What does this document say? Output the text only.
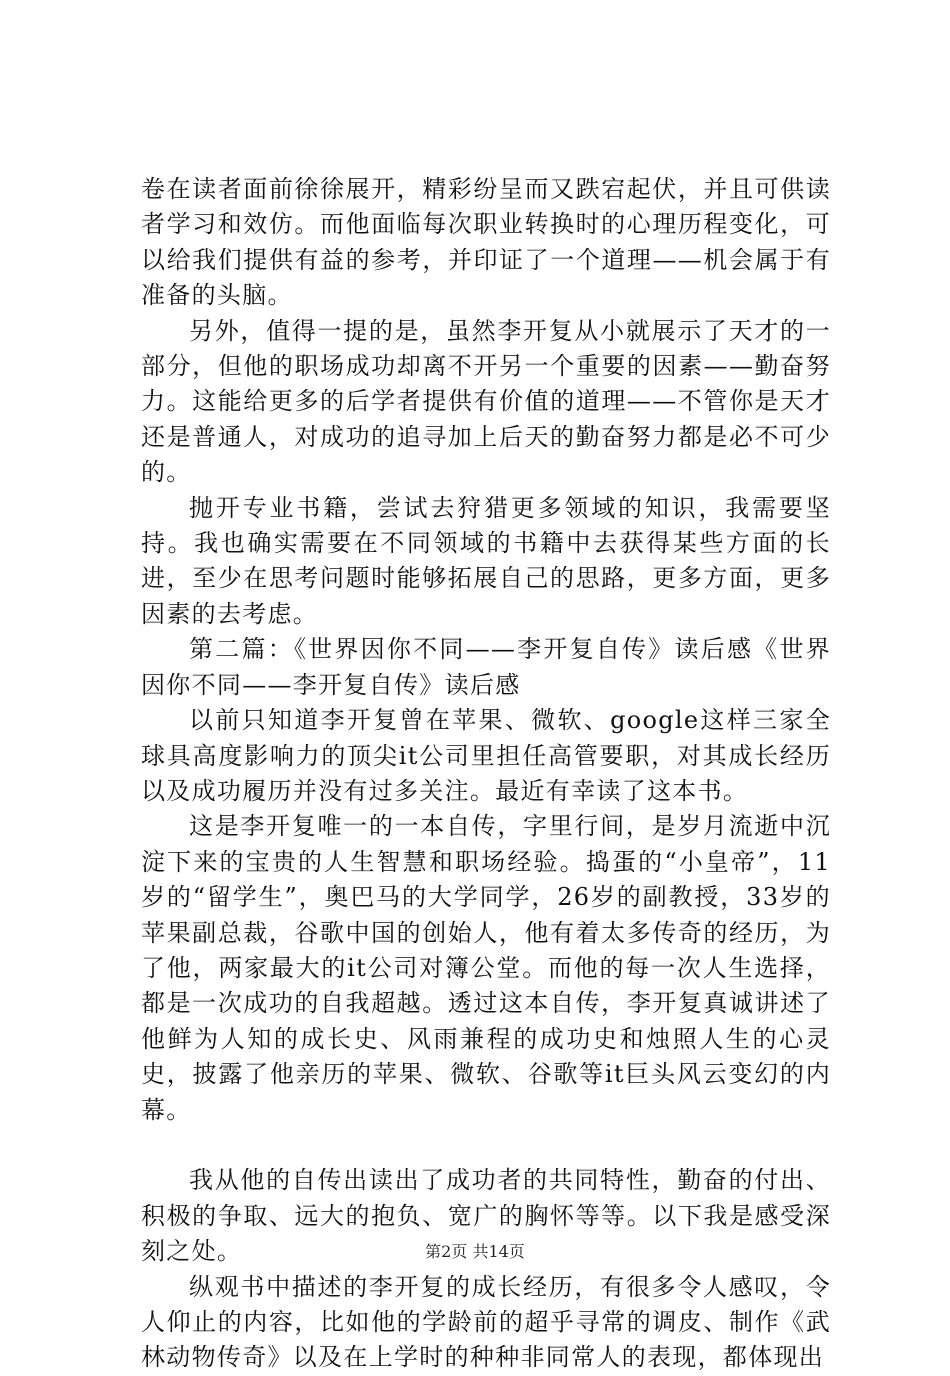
卷在读者面前徐徐展开，精彩纷呈而又跌宕起伏，并且可供读者学习和效仿。而他面临每次职业转换时的心理历程变化，可以给我们提供有益的参考，并印证了一个道理——机会属于有准备的头脑。

另外，值得一提的是，虽然李开复从小就展示了天才的一部分，但他的职场成功却离不开另一个重要的因素——勤奋努力。这能给更多的后学者提供有价值的道理——不管你是天才还是普通人，对成功的追寻加上后天的勤奋努力都是必不可少的。

抛开专业书籍，尝试去狩猎更多领域的知识，我需要坚持。我也确实需要在不同领域的书籍中去获得某些方面的长进，至少在思考问题时能够拓展自己的思路，更多方面，更多因素的去考虑。

第二篇：《世界因你不同——李开复自传》读后感《世界因你不同——李开复自传》读后感

以前只知道李开复曾在苹果、微软、google这样三家全球具高度影响力的顶尖it公司里担任高管要职，对其成长经历以及成功履历并没有过多关注。最近有幸读了这本书。

这是李开复唯一的一本自传，字里行间，是岁月流逝中沉淀下来的宝贵的人生智慧和职场经验。捣蛋的“小皇帝”，11岁的“留学生”，奥巴马的大学同学，26岁的副教授，33岁的苹果副总裁，谷歌中国的创始人，他有着太多传奇的经历，为了他，两家最大的it公司对簿公堂。而他的每一次人生选择，都是一次成功的自我超越。透过这本自传，李开复真诚讲述了他鲜为人知的成长史、风雨兼程的成功史和烛照人生的心灵史，披露了他亲历的苹果、微软、谷歌等it巨头风云变幻的内幕。

我从他的自传出读出了成功者的共同特性，勤奋的付出、积极的争取、远大的抱负、宽广的胸怀等等。以下我是感受深刻之处。

纵观书中描述的李开复的成长经历，有很多令人感叹，令人仰止的内容，比如他的学龄前的超乎寻常的调皮、制作《武林动物传奇》以及在上学时的种种非同常人的表现，都体现出

第2页 共14页
